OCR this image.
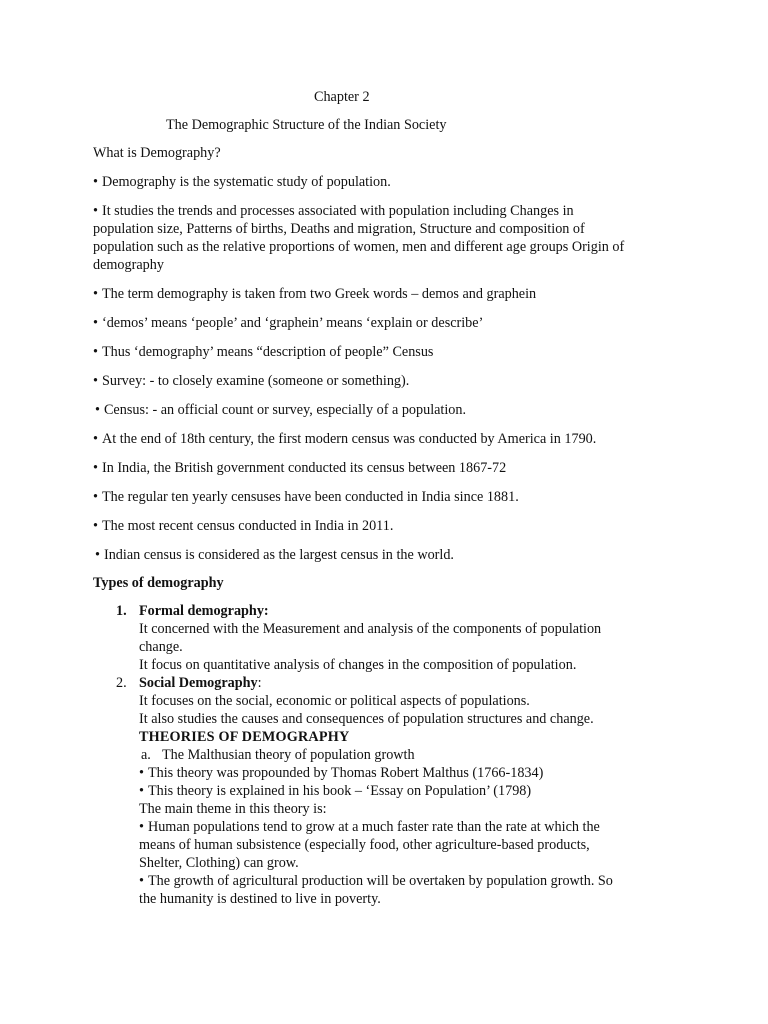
Chapter 2
The Demographic Structure of the Indian Society
What is Demography?
• Demography is the systematic study of population.
• It studies the trends and processes associated with population including Changes in
population size, Patterns of births, Deaths and migration, Structure and composition of
population such as the relative proportions of women, men and different age groups Origin of
demography
• The term demography is taken from two Greek words – demos and graphein
• ‘demos’ means ‘people’ and ‘graphein’ means ‘explain or describe’
• Thus ‘demography’ means “description of people” Census
• Survey: - to closely examine (someone or something).
• Census: - an official count or survey, especially of a population.
• At the end of 18th century, the first modern census was conducted by America in 1790.
• In India, the British government conducted its census between 1867-72
• The regular ten yearly censuses have been conducted in India since 1881.
• The most recent census conducted in India in 2011.
• Indian census is considered as the largest census in the world.
Types of demography
1. Formal demography:
It concerned with the Measurement and analysis of the components of population
change.
It focus on quantitative analysis of changes in the composition of population.
2. Social Demography:
It focuses on the social, economic or political aspects of populations.
It also studies the causes and consequences of population structures and change.
THEORIES OF DEMOGRAPHY
a. The Malthusian theory of population growth
• This theory was propounded by Thomas Robert Malthus (1766-1834)
• This theory is explained in his book – ‘Essay on Population’ (1798)
The main theme in this theory is:
• Human populations tend to grow at a much faster rate than the rate at which the
means of human subsistence (especially food, other agriculture-based products,
Shelter, Clothing) can grow.
• The growth of agricultural production will be overtaken by population growth. So
the humanity is destined to live in poverty.
